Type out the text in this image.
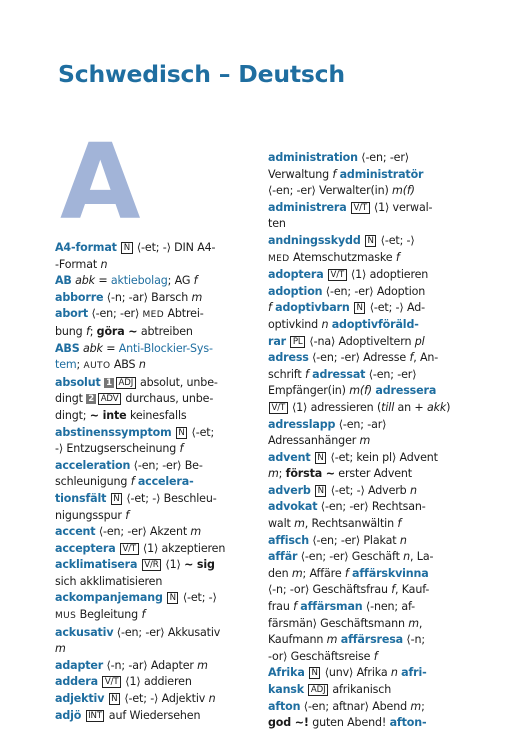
Schwedisch – Deutsch
A
A4-format N ⟨-et; -⟩ DIN A4-
-Format n
AB abk = aktiebolag; AG f
abborre ⟨-n; -ar⟩ Barsch m
abort ⟨-en; -er⟩ MED Abtrei-
bung f; göra ~ abtreiben
ABS abk = Anti-Blockier-Sys-
tem; AUTO ABS n
absolut 1 ADJ absolut, unbe-
dingt 2 ADV durchaus, unbe-
dingt; ~ inte keinesfalls
abstinenssymptom N ⟨-et;
-⟩ Entzugserscheinung f
acceleration ⟨-en; -er⟩ Be-
schleunigung f accelera-
tionsfält N ⟨-et; -⟩ Beschleu-
nigungsspur f
accent ⟨-en; -er⟩ Akzent m
acceptera V/T ⟨1⟩ akzeptieren
acklimatisera V/R ⟨1⟩ ~ sig
sich akklimatisieren
ackompanjemang N ⟨-et; -⟩
MUS Begleitung f
ackusativ ⟨-en; -er⟩ Akkusativ
m
adapter ⟨-n; -ar⟩ Adapter m
addera V/T ⟨1⟩ addieren
adjektiv N ⟨-et; -⟩ Adjektiv n
adjö INT auf Wiedersehen
administration ⟨-en; -er⟩
Verwaltung f administratör
⟨-en; -er⟩ Verwalter(in) m(f)
administrera V/T ⟨1⟩ verwal-
ten
andningsskydd N ⟨-et; -⟩
MED Atemschutzmaske f
adoptera V/T ⟨1⟩ adoptieren
adoption ⟨-en; -er⟩ Adoption
f adoptivbarn N ⟨-et; -⟩ Ad-
optivkind n adoptivföräld-
rar PL ⟨-na⟩ Adoptiveltern pl
adress ⟨-en; -er⟩ Adresse f, An-
schrift f adressat ⟨-en; -er⟩
Empfänger(in) m(f) adressera
V/T ⟨1⟩ adressieren (till an + akk)
adresslapp ⟨-en; -ar⟩
Adressanhänger m
advent N ⟨-et; kein pl⟩ Advent
m; första ~ erster Advent
adverb N ⟨-et; -⟩ Adverb n
advokat ⟨-en; -er⟩ Rechtsan-
walt m, Rechtsanwältin f
affisch ⟨-en; -er⟩ Plakat n
affär ⟨-en; -er⟩ Geschäft n, La-
den m; Affäre f affärskvinna
⟨-n; -or⟩ Geschäftsfrau f, Kauf-
frau f affärsman ⟨-nen; af-
färsmän⟩ Geschäftsmann m,
Kaufmann m affärsresa ⟨-n;
-or⟩ Geschäftsreise f
Afrika N ⟨unv⟩ Afrika n afri-
kansk ADJ afrikanisch
afton ⟨-en; aftnar⟩ Abend m;
god ~! guten Abend! afton-
